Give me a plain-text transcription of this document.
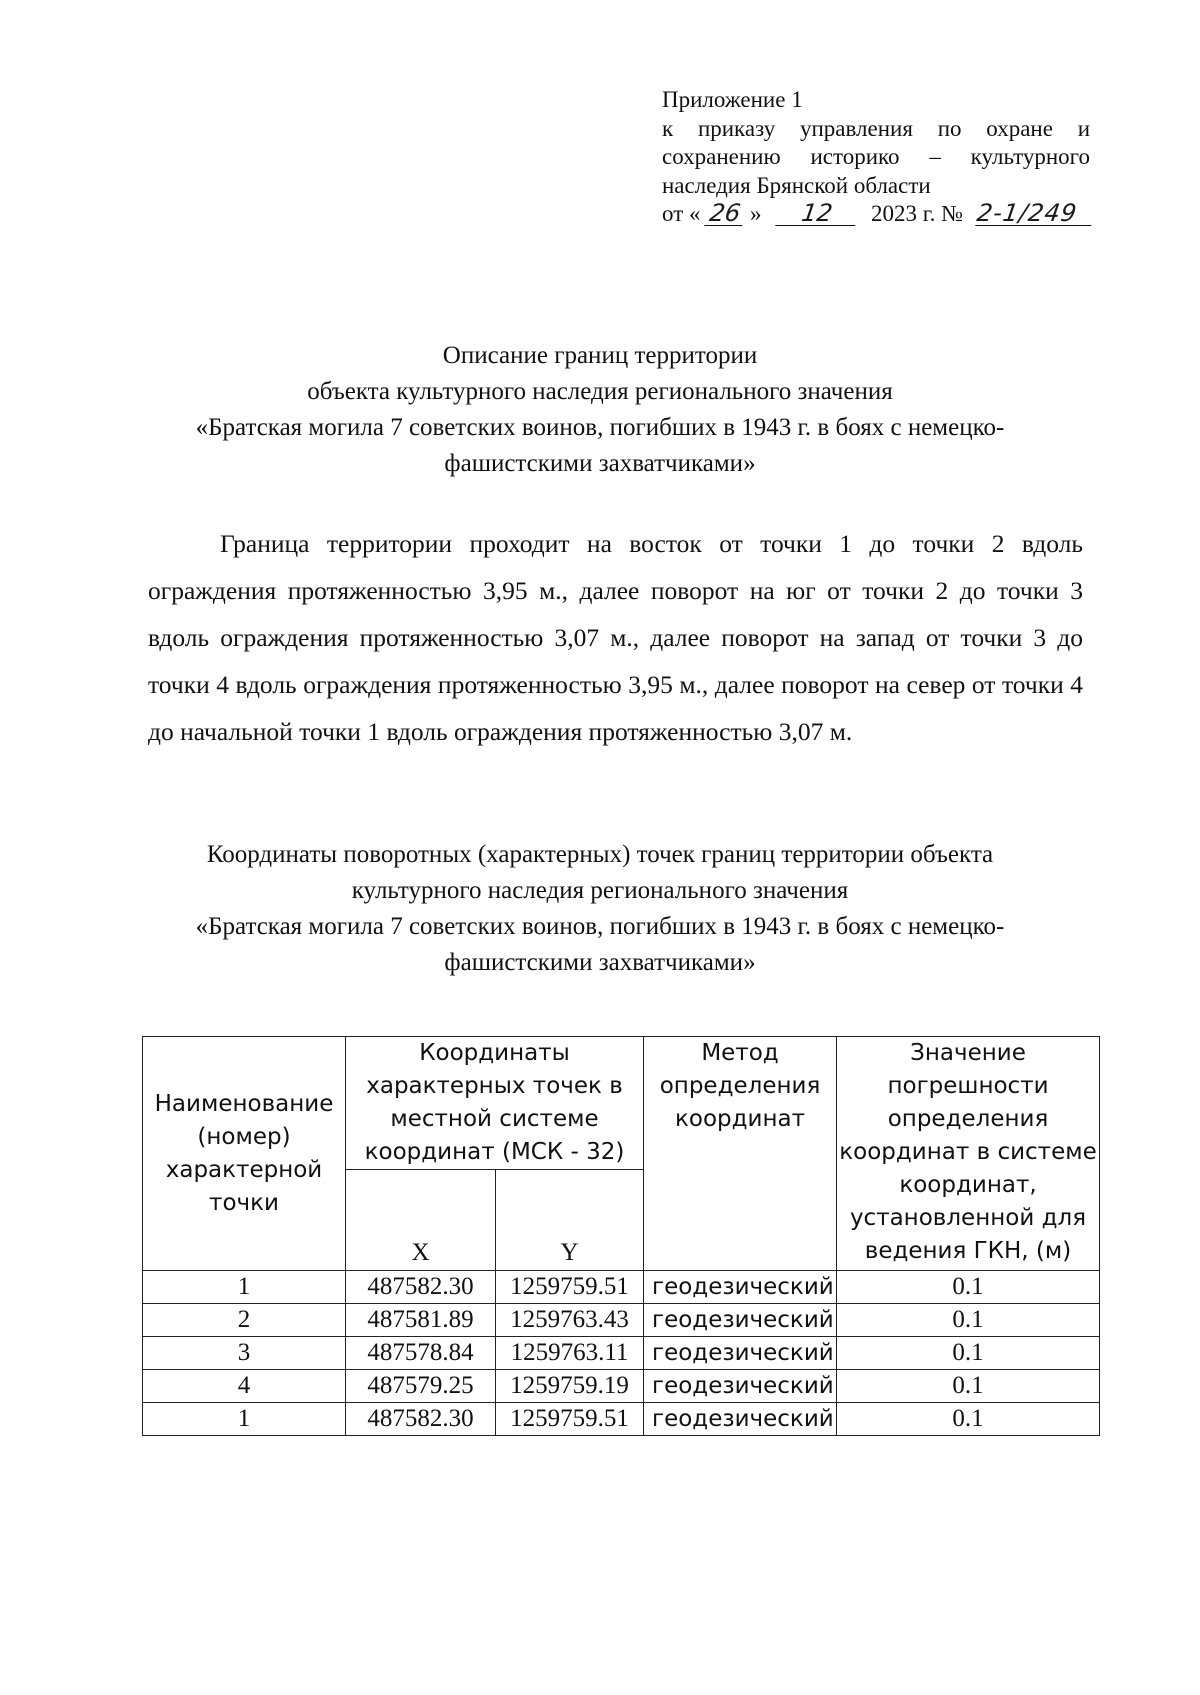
Приложение 1
к приказу управления по охране и
сохранению историко – культурного
наследия Брянской области
от « 26 » 12 2023 г. № 2-1/249
Описание границ территории
объекта культурного наследия регионального значения
«Братская могила 7 советских воинов, погибших в 1943 г. в боях с немецко-
фашистскими захватчиками»

Граница территории проходит на восток от точки 1 до точки 2 вдоль ограждения протяженностью 3,95 м., далее поворот на юг от точки 2 до точки 3 вдоль ограждения протяженностью 3,07 м., далее поворот на запад от точки 3 до точки 4 вдоль ограждения протяженностью 3,95 м., далее поворот на север от точки 4 до начальной точки 1 вдоль ограждения протяженностью 3,07 м.

Координаты поворотных (характерных) точек границ территории объекта
культурного наследия регионального значения
«Братская могила 7 советских воинов, погибших в 1943 г. в боях с немецко-
фашистскими захватчиками»
Наименование (номер) характерной точки	Координаты характерных точек в местной системе координат (МСК - 32)		Метод определения координат	Значение погрешности определения координат в системе координат, установленной для ведения ГКН, (м)
	X	Y		
1	487582.30	1259759.51	геодезический	0.1
2	487581.89	1259763.43	геодезический	0.1
3	487578.84	1259763.11	геодезический	0.1
4	487579.25	1259759.19	геодезический	0.1
1	487582.30	1259759.51	геодезический	0.1
